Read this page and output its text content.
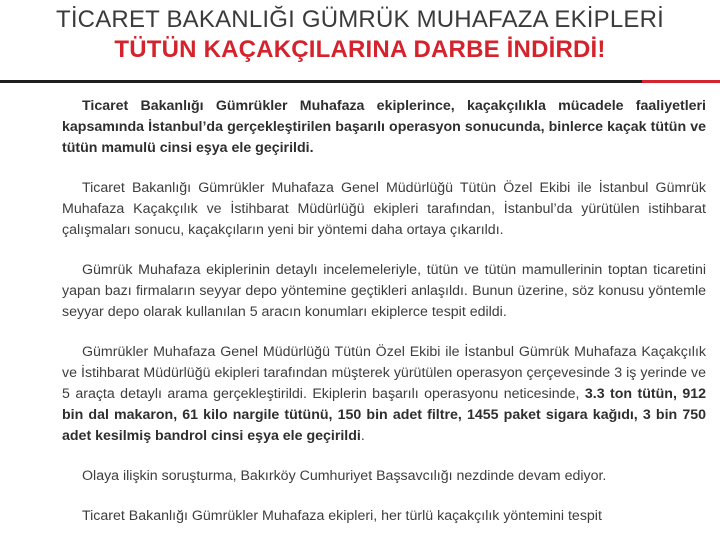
TİCARET BAKANLIĞI GÜMRÜK MUHAFAZA EKİPLERİ
TÜTÜN KAÇAKÇILARINA DARBE İNDİRDİ!

Ticaret Bakanlığı Gümrükler Muhafaza ekiplerince, kaçakçılıkla mücadele faaliyetleri kapsamında İstanbul’da gerçekleştirilen başarılı operasyon sonucunda, binlerce kaçak tütün ve tütün mamulü cinsi eşya ele geçirildi.

Ticaret Bakanlığı Gümrükler Muhafaza Genel Müdürlüğü Tütün Özel Ekibi ile İstanbul Gümrük Muhafaza Kaçakçılık ve İstihbarat Müdürlüğü ekipleri tarafından, İstanbul’da yürütülen istihbarat çalışmaları sonucu, kaçakçıların yeni bir yöntemi daha ortaya çıkarıldı.

Gümrük Muhafaza ekiplerinin detaylı incelemeleriyle, tütün ve tütün mamullerinin toptan ticaretini yapan bazı firmaların seyyar depo yöntemine geçtikleri anlaşıldı. Bunun üzerine, söz konusu yöntemle seyyar depo olarak kullanılan 5 aracın konumları ekiplerce tespit edildi.

Gümrükler Muhafaza Genel Müdürlüğü Tütün Özel Ekibi ile İstanbul Gümrük Muhafaza Kaçakçılık ve İstihbarat Müdürlüğü ekipleri tarafından müşterek yürütülen operasyon çerçevesinde 3 iş yerinde ve 5 araçta detaylı arama gerçekleştirildi. Ekiplerin başarılı operasyonu neticesinde, 3.3 ton tütün, 912 bin dal makaron, 61 kilo nargile tütünü, 150 bin adet filtre, 1455 paket sigara kağıdı, 3 bin 750 adet kesilmiş bandrol cinsi eşya ele geçirildi.

Olaya ilişkin soruşturma, Bakırköy Cumhuriyet Başsavcılığı nezdinde devam ediyor.

Ticaret Bakanlığı Gümrükler Muhafaza ekipleri, her türlü kaçakçılık yöntemini tespit
